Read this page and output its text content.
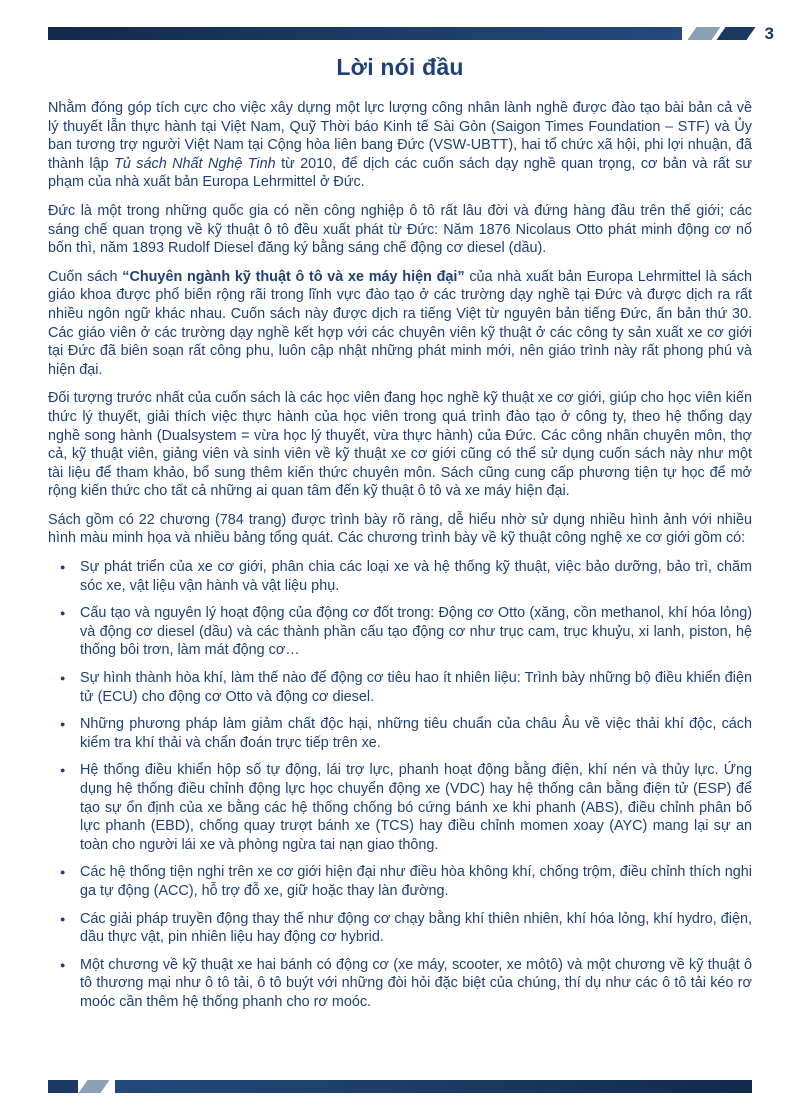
3
Lời nói đầu

Nhằm đóng góp tích cực cho việc xây dựng một lực lượng công nhân lành nghề được đào tạo bài bản cả về lý thuyết lẫn thực hành tại Việt Nam, Quỹ Thời báo Kinh tế Sài Gòn (Saigon Times Foundation – STF) và Ủy ban tương trợ người Việt Nam tại Cộng hòa liên bang Đức (VSW-UBTT), hai tổ chức xã hội, phi lợi nhuận, đã thành lập Tủ sách Nhất Nghệ Tinh từ 2010, để dịch các cuốn sách dạy nghề quan trọng, cơ bản và rất sư phạm của nhà xuất bản Europa Lehrmittel ở Đức.

Đức là một trong những quốc gia có nền công nghiệp ô tô rất lâu đời và đứng hàng đầu trên thế giới; các sáng chế quan trọng về kỹ thuật ô tô đều xuất phát từ Đức: Năm 1876 Nicolaus Otto phát minh động cơ nổ bốn thì, năm 1893 Rudolf Diesel đăng ký bằng sáng chế động cơ diesel (dầu).

Cuốn sách “Chuyên ngành kỹ thuật ô tô và xe máy hiện đại” của nhà xuất bản Europa Lehrmittel là sách giáo khoa được phổ biến rộng rãi trong lĩnh vực đào tạo ở các trường dạy nghề tại Đức và được dịch ra rất nhiều ngôn ngữ khác nhau. Cuốn sách này được dịch ra tiếng Việt từ nguyên bản tiếng Đức, ấn bản thứ 30. Các giáo viên ở các trường dạy nghề kết hợp với các chuyên viên kỹ thuật ở các công ty sản xuất xe cơ giới tại Đức đã biên soạn rất công phu, luôn cập nhật những phát minh mới, nên giáo trình này rất phong phú và hiện đại.

Đối tượng trước nhất của cuốn sách là các học viên đang học nghề kỹ thuật xe cơ giới, giúp cho học viên kiến thức lý thuyết, giải thích việc thực hành của học viên trong quá trình đào tạo ở công ty, theo hệ thống dạy nghề song hành (Dualsystem = vừa học lý thuyết, vừa thực hành) của Đức. Các công nhân chuyên môn, thợ cả, kỹ thuật viên, giảng viên và sinh viên về kỹ thuật xe cơ giới cũng có thể sử dụng cuốn sách này như một tài liệu để tham khảo, bổ sung thêm kiến thức chuyên môn. Sách cũng cung cấp phương tiện tự học để mở rộng kiến thức cho tất cả những ai quan tâm đến kỹ thuật ô tô và xe máy hiện đại.

Sách gồm có 22 chương (784 trang) được trình bày rõ ràng, dễ hiểu nhờ sử dụng nhiều hình ảnh với nhiều hình màu minh họa và nhiều bảng tổng quát. Các chương trình bày về kỹ thuật công nghệ xe cơ giới gồm có:

●	Sự phát triển của xe cơ giới, phân chia các loại xe và hệ thống kỹ thuật, việc bảo dưỡng, bảo trì, chăm sóc xe, vật liệu vận hành và vật liệu phụ.
●	Cấu tạo và nguyên lý hoạt động của động cơ đốt trong: Động cơ Otto (xăng, cồn methanol, khí hóa lỏng) và động cơ diesel (dầu) và các thành phần cấu tạo động cơ như trục cam, trục khuỷu, xi lanh, piston, hệ thống bôi trơn, làm mát động cơ…
●	Sự hình thành hòa khí, làm thế nào để động cơ tiêu hao ít nhiên liệu: Trình bày những bộ điều khiển điện tử (ECU) cho động cơ Otto và động cơ diesel.
●	Những phương pháp làm giảm chất độc hại, những tiêu chuẩn của châu Âu về việc thải khí độc, cách kiểm tra khí thải và chẩn đoán trực tiếp trên xe.
●	Hệ thống điều khiển hộp số tự động, lái trợ lực, phanh hoạt động bằng điện, khí nén và thủy lực. Ứng dụng hệ thống điều chỉnh động lực học chuyển động xe (VDC) hay hệ thống cân bằng điện tử (ESP) để tạo sự ổn định của xe bằng các hệ thống chống bó cứng bánh xe khi phanh (ABS), điều chỉnh phân bố lực phanh (EBD), chống quay trượt bánh xe (TCS) hay điều chỉnh momen xoay (AYC) mang lại sự an toàn cho người lái xe và phòng ngừa tai nạn giao thông.
●	Các hệ thống tiện nghi trên xe cơ giới hiện đại như điều hòa không khí, chống trộm, điều chỉnh thích nghi ga tự động (ACC), hỗ trợ đỗ xe, giữ hoặc thay làn đường.
●	Các giải pháp truyền động thay thế như động cơ chạy bằng khí thiên nhiên, khí hóa lỏng, khí hydro, điện, dầu thực vật, pin nhiên liệu hay động cơ hybrid.
●	Một chương về kỹ thuật xe hai bánh có động cơ (xe máy, scooter, xe môtô) và một chương về kỹ thuật ô tô thương mại như ô tô tải, ô tô buýt với những đòi hỏi đặc biệt của chúng, thí dụ như các ô tô tải kéo rơ moóc cần thêm hệ thống phanh cho rơ moóc.
